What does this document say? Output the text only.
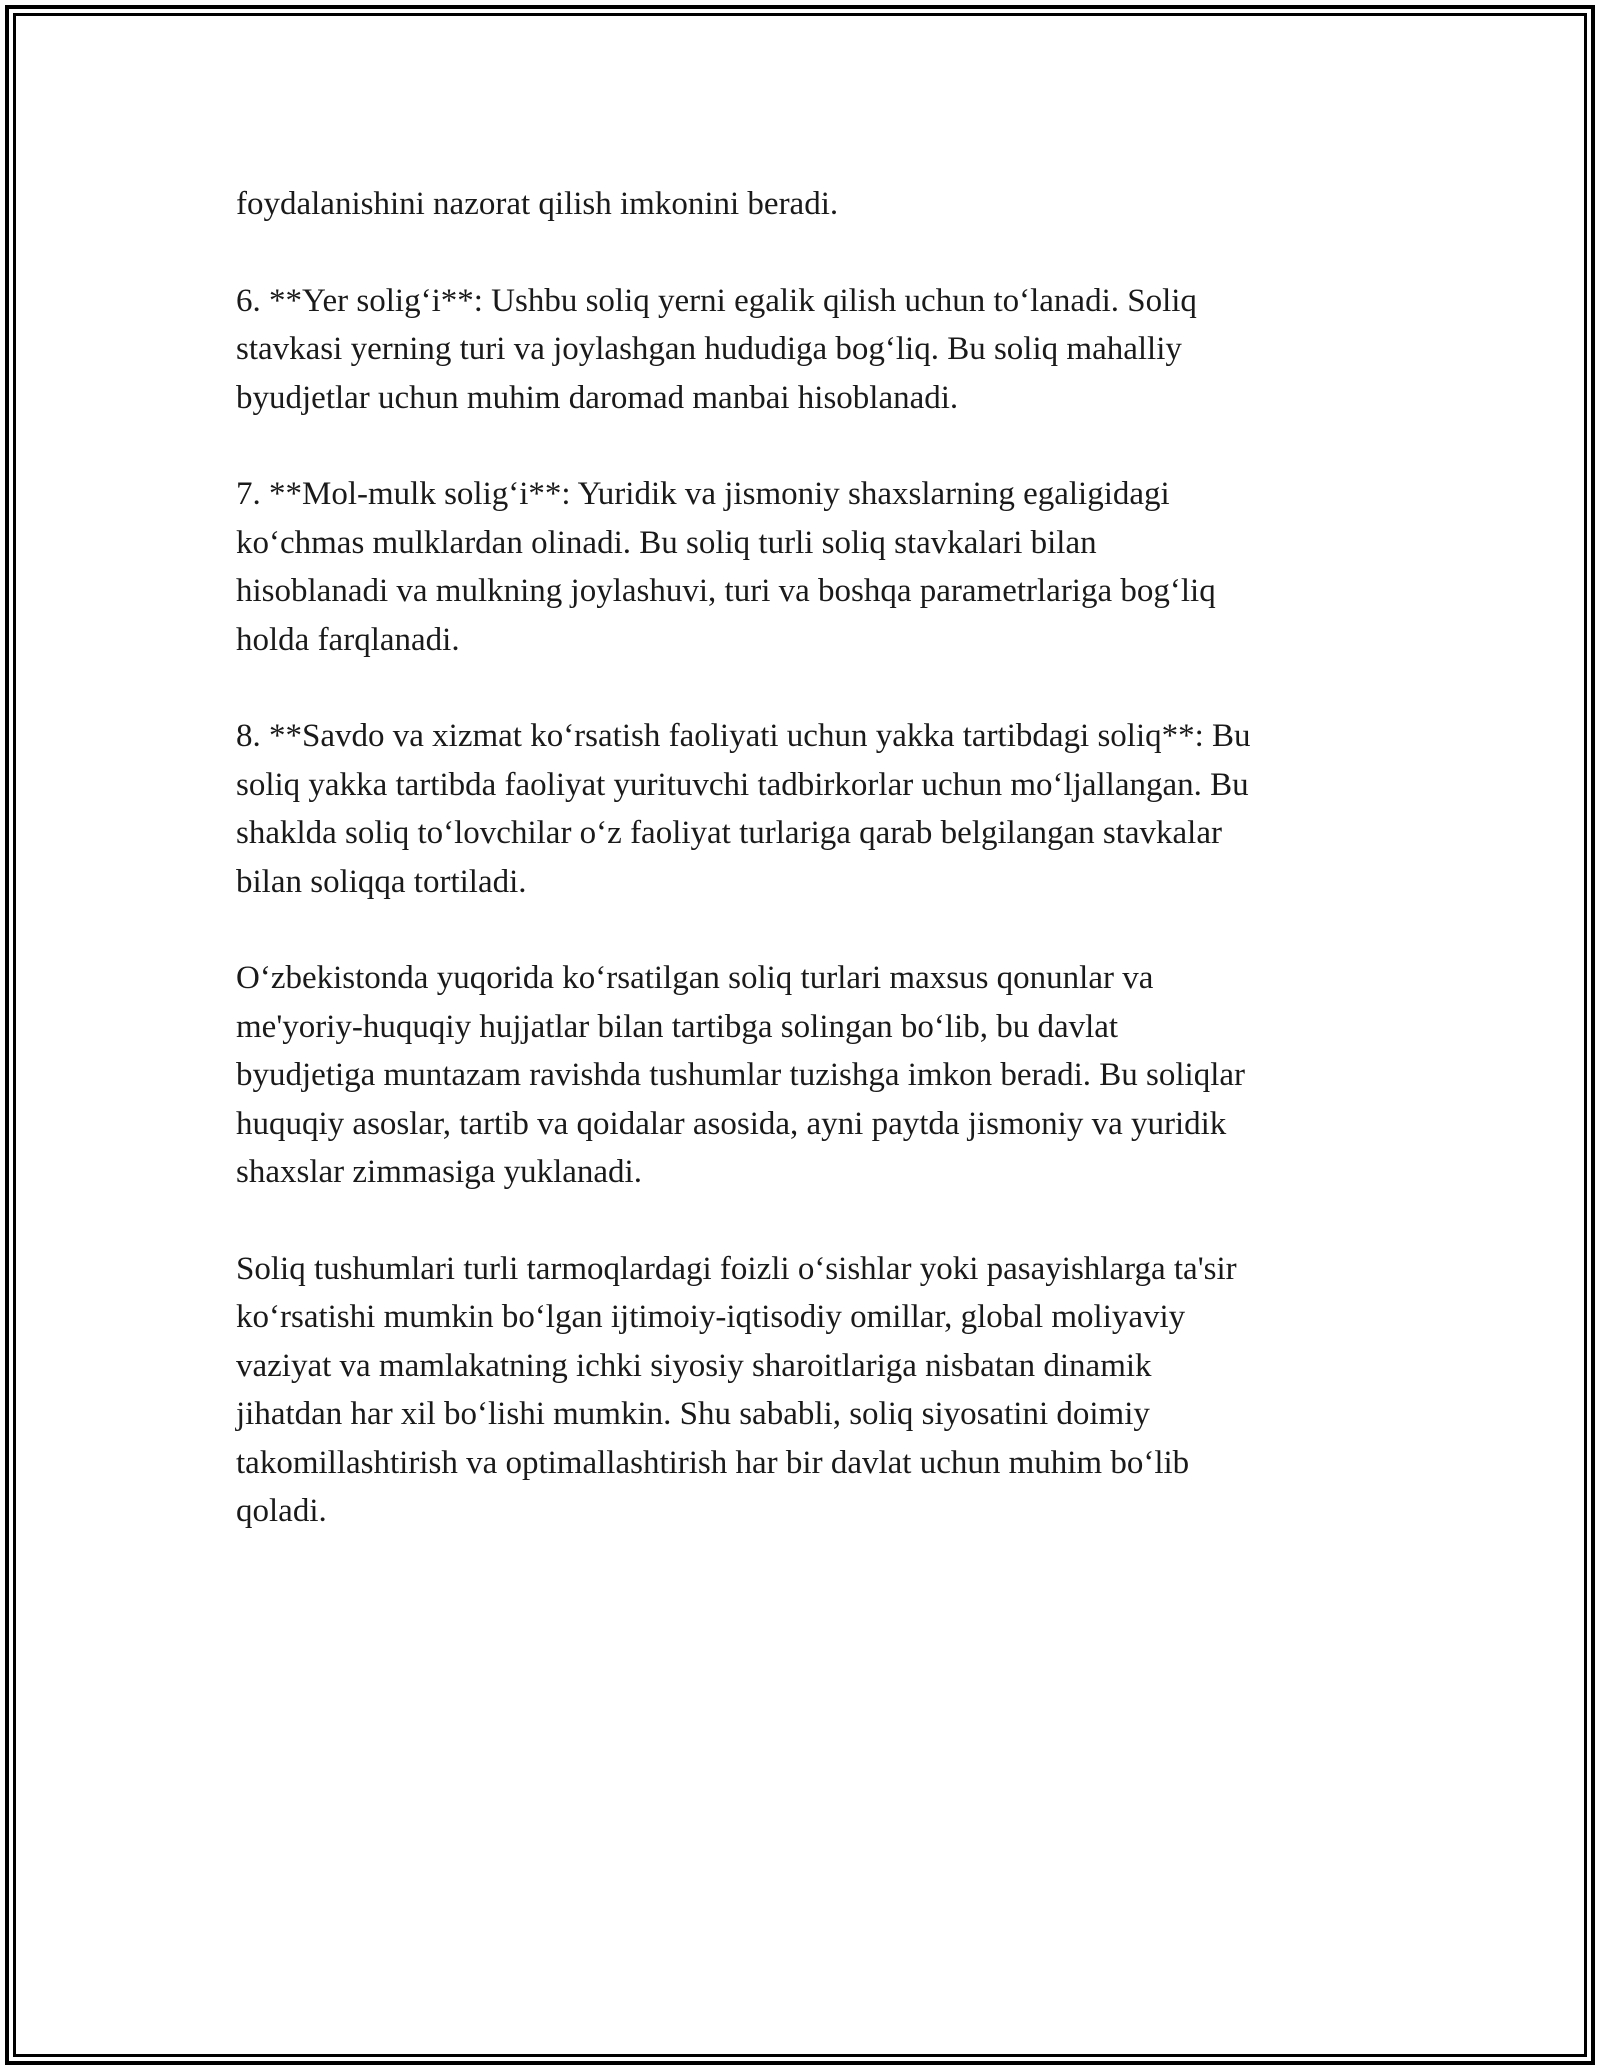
foydalanishini nazorat qilish imkonini beradi.

6. **Yer solig‘i**: Ushbu soliq yerni egalik qilish uchun to‘lanadi. Soliq
stavkasi yerning turi va joylashgan hududiga bog‘liq. Bu soliq mahalliy
byudjetlar uchun muhim daromad manbai hisoblanadi.

7. **Mol-mulk solig‘i**: Yuridik va jismoniy shaxslarning egaligidagi
ko‘chmas mulklardan olinadi. Bu soliq turli soliq stavkalari bilan
hisoblanadi va mulkning joylashuvi, turi va boshqa parametrlariga bog‘liq
holda farqlanadi.

8. **Savdo va xizmat ko‘rsatish faoliyati uchun yakka tartibdagi soliq**: Bu
soliq yakka tartibda faoliyat yurituvchi tadbirkorlar uchun mo‘ljallangan. Bu
shaklda soliq to‘lovchilar o‘z faoliyat turlariga qarab belgilangan stavkalar
bilan soliqqa tortiladi.

O‘zbekistonda yuqorida ko‘rsatilgan soliq turlari maxsus qonunlar va
me'yoriy-huquqiy hujjatlar bilan tartibga solingan bo‘lib, bu davlat
byudjetiga muntazam ravishda tushumlar tuzishga imkon beradi. Bu soliqlar
huquqiy asoslar, tartib va qoidalar asosida, ayni paytda jismoniy va yuridik
shaxslar zimmasiga yuklanadi.

Soliq tushumlari turli tarmoqlardagi foizli o‘sishlar yoki pasayishlarga ta'sir
ko‘rsatishi mumkin bo‘lgan ijtimoiy-iqtisodiy omillar, global moliyaviy
vaziyat va mamlakatning ichki siyosiy sharoitlariga nisbatan dinamik
jihatdan har xil bo‘lishi mumkin. Shu sababli, soliq siyosatini doimiy
takomillashtirish va optimallashtirish har bir davlat uchun muhim bo‘lib
qoladi.
